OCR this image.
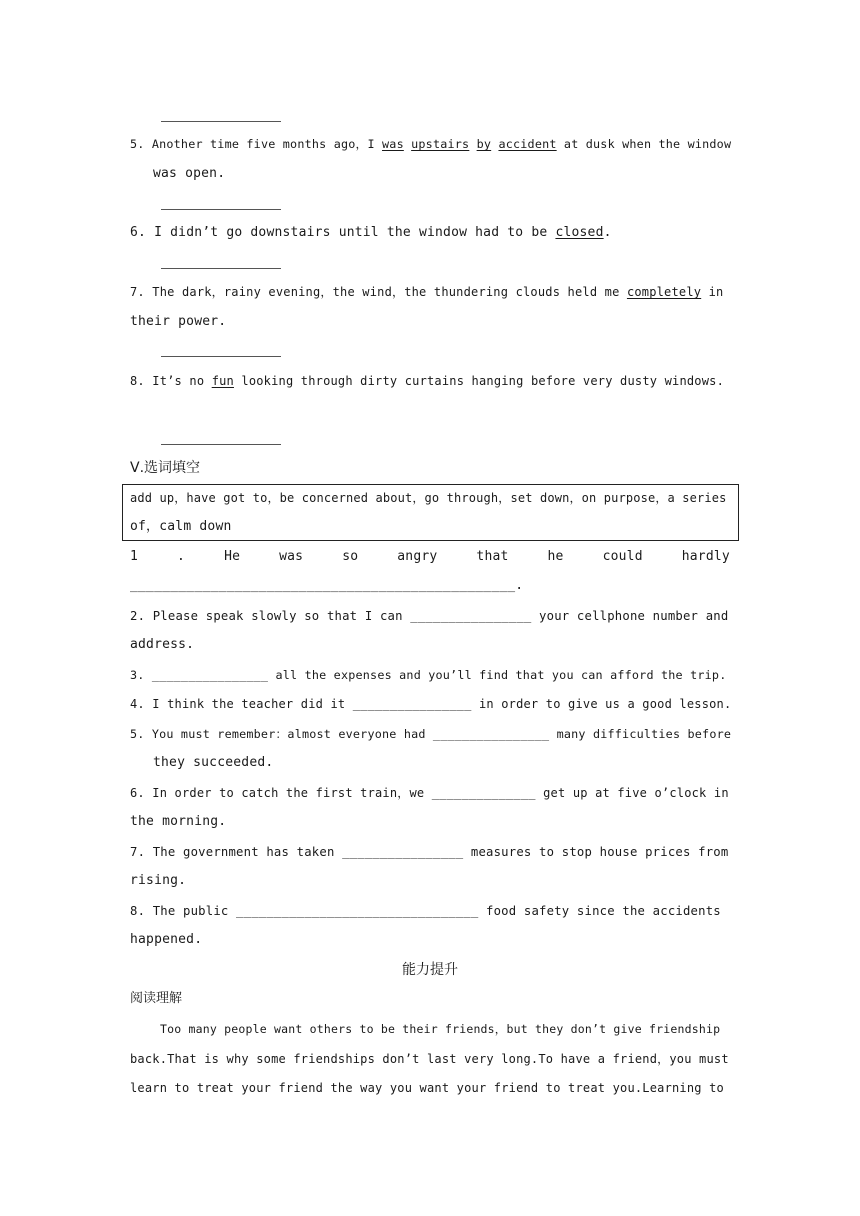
5. Another time five months ago，I was upstairs by accident at dusk when the window
was open.
6. I didn’t go downstairs until the window had to be closed.
7. The dark，rainy evening，the wind，the thundering clouds held me completely in
their power.
8. It’s no fun looking through dirty curtains hanging before very dusty windows.
Ⅴ.选词填空
add up，have got to，be concerned about，go through，set down，on purpose，a series
of，calm down
1	.	He	was	so	angry	that	he	could	hardly
________________________________________________.
2. Please speak slowly so that I can ________________ your cellphone number and
address.
3. ________________ all the expenses and you’ll find that you can afford the trip.
4. I think the teacher did it ________________ in order to give us a good lesson.
5. You must remember：almost everyone had ________________ many difficulties before
they succeeded.
6. In order to catch the first train，we ______________ get up at five o’clock in
the morning.
7. The government has taken ________________ measures to stop house prices from
rising.
8. The public ________________________________ food safety since the accidents
happened.
能力提升
阅读理解
Too many people want others to be their friends，but they don’t give friendship
back.That is why some friendships don’t last very long.To have a friend，you must
learn to treat your friend the way you want your friend to treat you.Learning to
